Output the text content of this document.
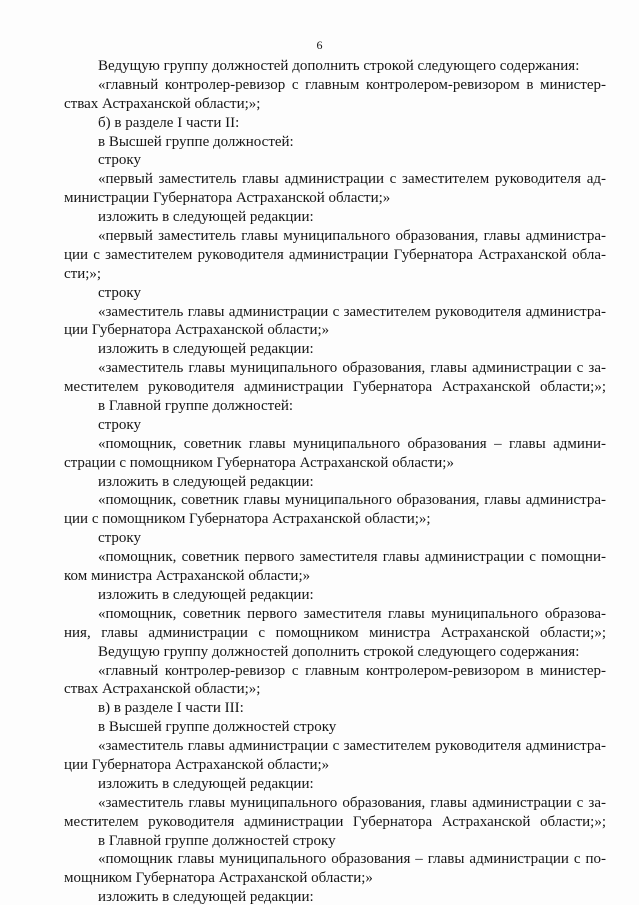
6
Ведущую группу должностей дополнить строкой следующего содержания:
«главный контролер-ревизор с главным контролером-ревизором в министер-
ствах Астраханской области;»;
б) в разделе I части II:
в Высшей группе должностей:
строку
«первый заместитель главы администрации с заместителем руководителя ад-
министрации Губернатора Астраханской области;»
изложить в следующей редакции:
«первый заместитель главы муниципального образования, главы администра-
ции с заместителем руководителя администрации Губернатора Астраханской обла-
сти;»;
строку
«заместитель главы администрации с заместителем руководителя администра-
ции Губернатора Астраханской области;»
изложить в следующей редакции:
«заместитель главы муниципального образования, главы администрации с за-
местителем руководителя администрации Губернатора Астраханской области;»;
в Главной группе должностей:
строку
«помощник, советник главы муниципального образования – главы админи-
страции с помощником Губернатора Астраханской области;»
изложить в следующей редакции:
«помощник, советник главы муниципального образования, главы администра-
ции с помощником Губернатора Астраханской области;»;
строку
«помощник, советник первого заместителя главы администрации с помощни-
ком министра Астраханской области;»
изложить в следующей редакции:
«помощник, советник первого заместителя главы муниципального образова-
ния, главы администрации с помощником министра Астраханской области;»;
Ведущую группу должностей дополнить строкой следующего содержания:
«главный контролер-ревизор с главным контролером-ревизором в министер-
ствах Астраханской области;»;
в) в разделе I части III:
в Высшей группе должностей строку
«заместитель главы администрации с заместителем руководителя администра-
ции Губернатора Астраханской области;»
изложить в следующей редакции:
«заместитель главы муниципального образования, главы администрации с за-
местителем руководителя администрации Губернатора Астраханской области;»;
в Главной группе должностей строку
«помощник главы муниципального образования – главы администрации с по-
мощником Губернатора Астраханской области;»
изложить в следующей редакции:
